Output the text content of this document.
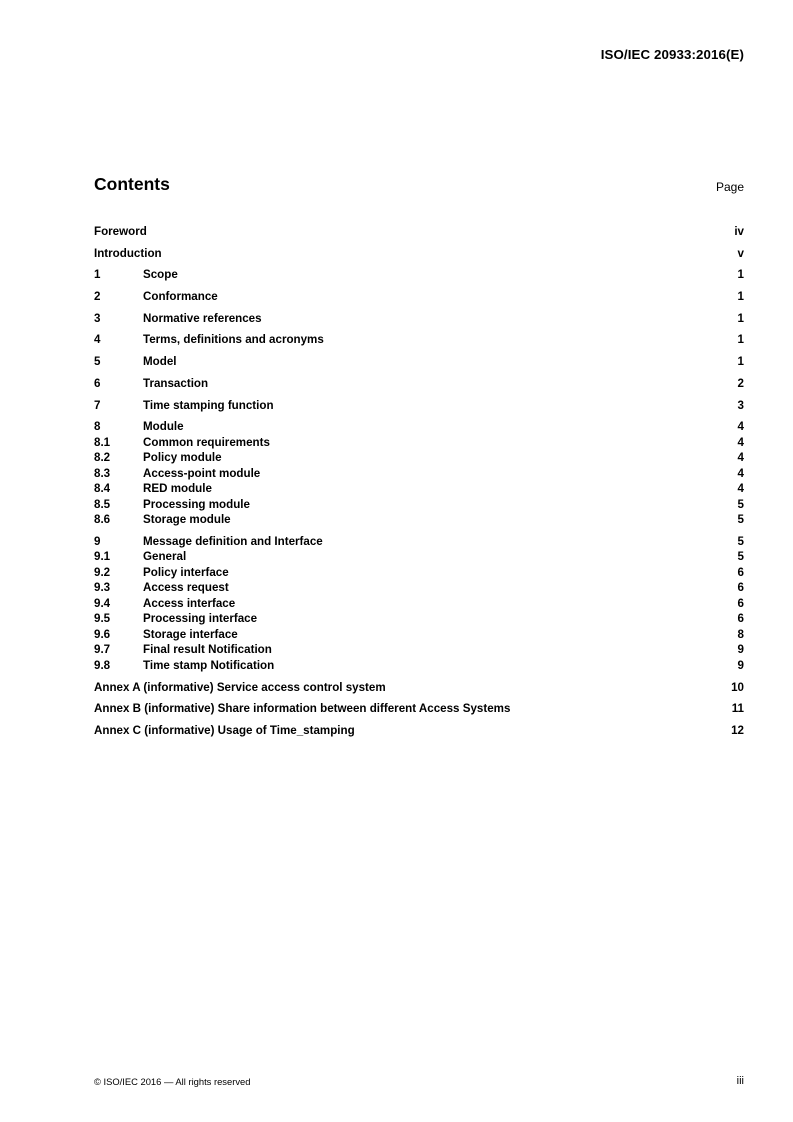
ISO/IEC 20933:2016(E)
Contents	Page
Foreword	iv
Introduction	v
1	Scope	1
2	Conformance	1
3	Normative references	1
4	Terms, definitions and acronyms	1
5	Model	1
6	Transaction	2
7	Time stamping function	3
8	Module	4
8.1	Common requirements	4
8.2	Policy module	4
8.3	Access-point module	4
8.4	RED module	4
8.5	Processing module	5
8.6	Storage module	5
9	Message definition and Interface	5
9.1	General	5
9.2	Policy interface	6
9.3	Access request	6
9.4	Access interface	6
9.5	Processing interface	6
9.6	Storage interface	8
9.7	Final result Notification	9
9.8	Time stamp Notification	9
Annex A (informative) Service access control system	10
Annex B (informative) Share information between different Access Systems	11
Annex C (informative) Usage of Time_stamping	12
© ISO/IEC 2016 — All rights reserved	iii
